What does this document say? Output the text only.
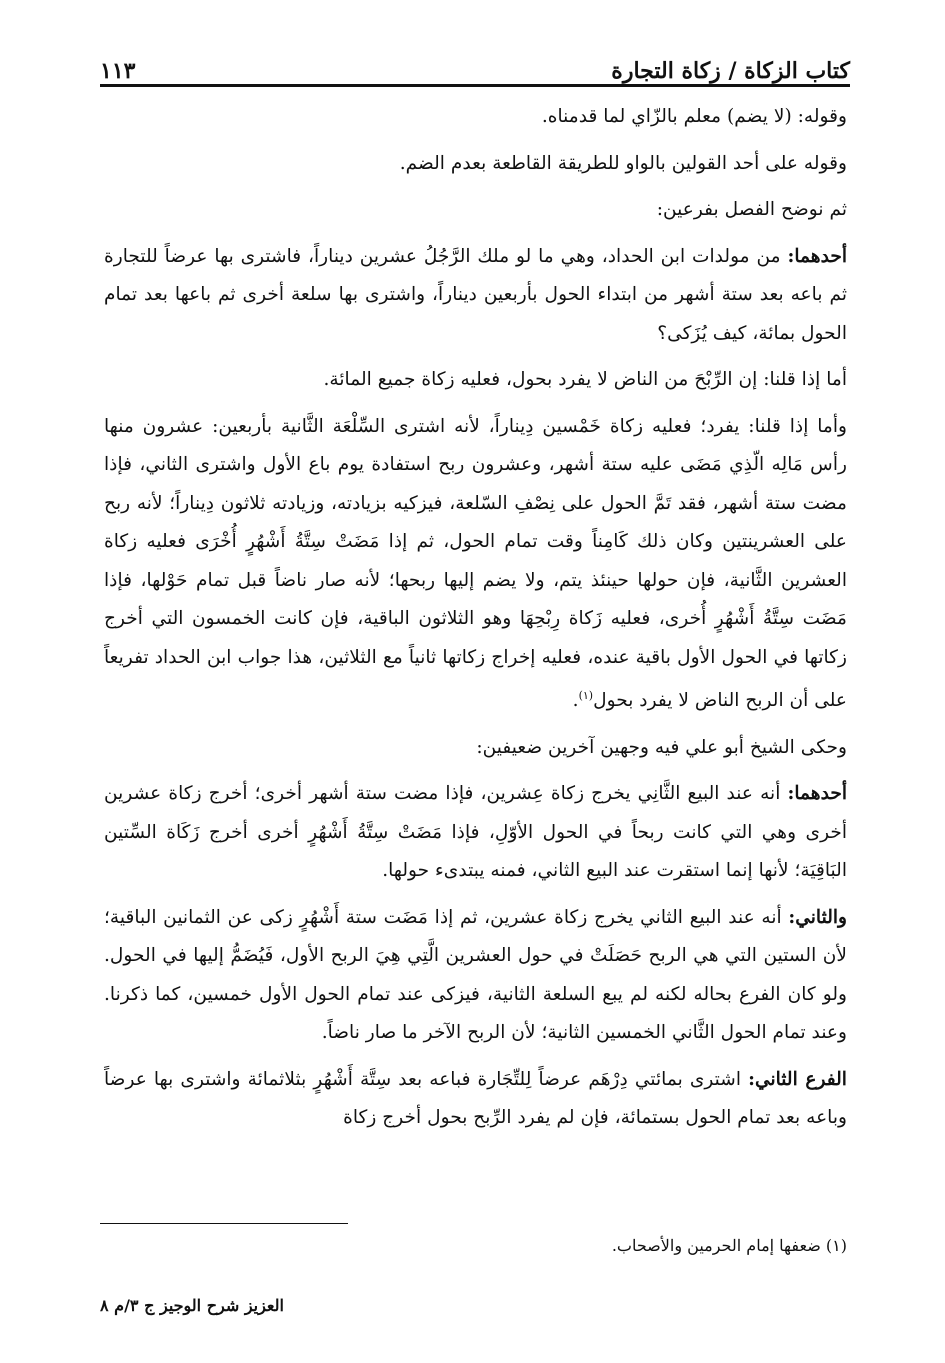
١١٣	كتاب الزكاة / زكاة التجارة

وقوله: (لا يضم) معلم بالزّاي لما قدمناه.

وقوله على أحد القولين بالواو للطريقة القاطعة بعدم الضم.

ثم نوضح الفصل بفرعين:

أحدهما: من مولدات ابن الحداد، وهي ما لو ملك الرَّجُلُ عشرين ديناراً، فاشترى بها عرضاً للتجارة ثم باعه بعد ستة أشهر من ابتداء الحول بأربعين ديناراً، واشترى بها سلعة أخرى ثم باعها بعد تمام الحول بمائة، كيف يُزَكى؟

أما إذا قلنا: إن الرِّبْحَ من الناض لا يفرد بحول، فعليه زكاة جميع المائة.

وأما إذا قلنا: يفرد؛ فعليه زكاة خَمْسين دِيناراً، لأنه اشترى السِّلْعَة الثَّانية بأربعين: عشرون منها رأس مَالِه الّذِي مَضَى عليه ستة أشهر، وعشرون ربح استفادة يوم باع الأول واشترى الثاني، فإذا مضت ستة أشهر، فقد تَمَّ الحول على نِصْفِ السّلعة، فيزكيه بزيادته، وزيادته ثلاثون دِيناراً؛ لأنه ربح على العشرينتين وكان ذلك كَامِناً وقت تمام الحول، ثم إذا مَضَتْ سِتَّةُ أَشْهُرٍ أُخْرَى فعليه زكاة العشرين الثَّانية، فإن حولها حينئذ يتم، ولا يضم إليها ربحها؛ لأنه صار ناضاً قبل تمام حَوْلها، فإذا مَضَت سِتَّةُ أَشْهُرٍ أُخرى، فعليه زَكاة رِبْحِهَا وهو الثلاثون الباقية، فإن كانت الخمسون التي أخرج زكاتها في الحول الأول باقية عنده، فعليه إخراج زكاتها ثانياً مع الثلاثين، هذا جواب ابن الحداد تفريعاً على أن الربح الناض لا يفرد بحول$^{(١)}$.

وحكى الشيخ أبو علي فيه وجهين آخرين ضعيفين:

أحدهما: أنه عند البيع الثَّانِي يخرج زكاة عِشرين، فإذا مضت ستة أشهر أخرى؛ أخرج زكاة عشرين أخرى وهي التي كانت ربحاً في الحول الأوّلِ، فإذا مَضَتْ سِتَّةُ أَشْهُرٍ أخرى أخرج زَكَاة السِّتين البَاقِيَة؛ لأنها إنما استقرت عند البيع الثاني، فمنه يبتدىء حولها.

والثاني: أنه عند البيع الثاني يخرج زكاة عشرين، ثم إذا مَضَت ستة أَشْهُرٍ زكى عن الثمانين الباقية؛ لأن الستين التي هي الربح حَصَلَتْ في حول العشرين الَّتِي هِيَ الربح الأول، فَيُضَمُّ إليها في الحول. ولو كان الفرع بحاله لكنه لم يبع السلعة الثانية، فيزكى عند تمام الحول الأول خمسين، كما ذكرنا. وعند تمام الحول الثَّاني الخمسين الثانية؛ لأن الربح الآخر ما صار ناضاً.

الفرع الثاني: اشترى بمائتي دِرْهَم عرضاً لِلتِّجَارة فباعه بعد سِتَّة أَشْهُرٍ بثلاثمائة واشترى بها عرضاً وباعه بعد تمام الحول بستمائة، فإن لم يفرد الرِّبح بحول أخرج زكاة

(١) ضعفها إمام الحرمين والأصحاب.
العزيز شرح الوجيز ج ٣/م ٨
